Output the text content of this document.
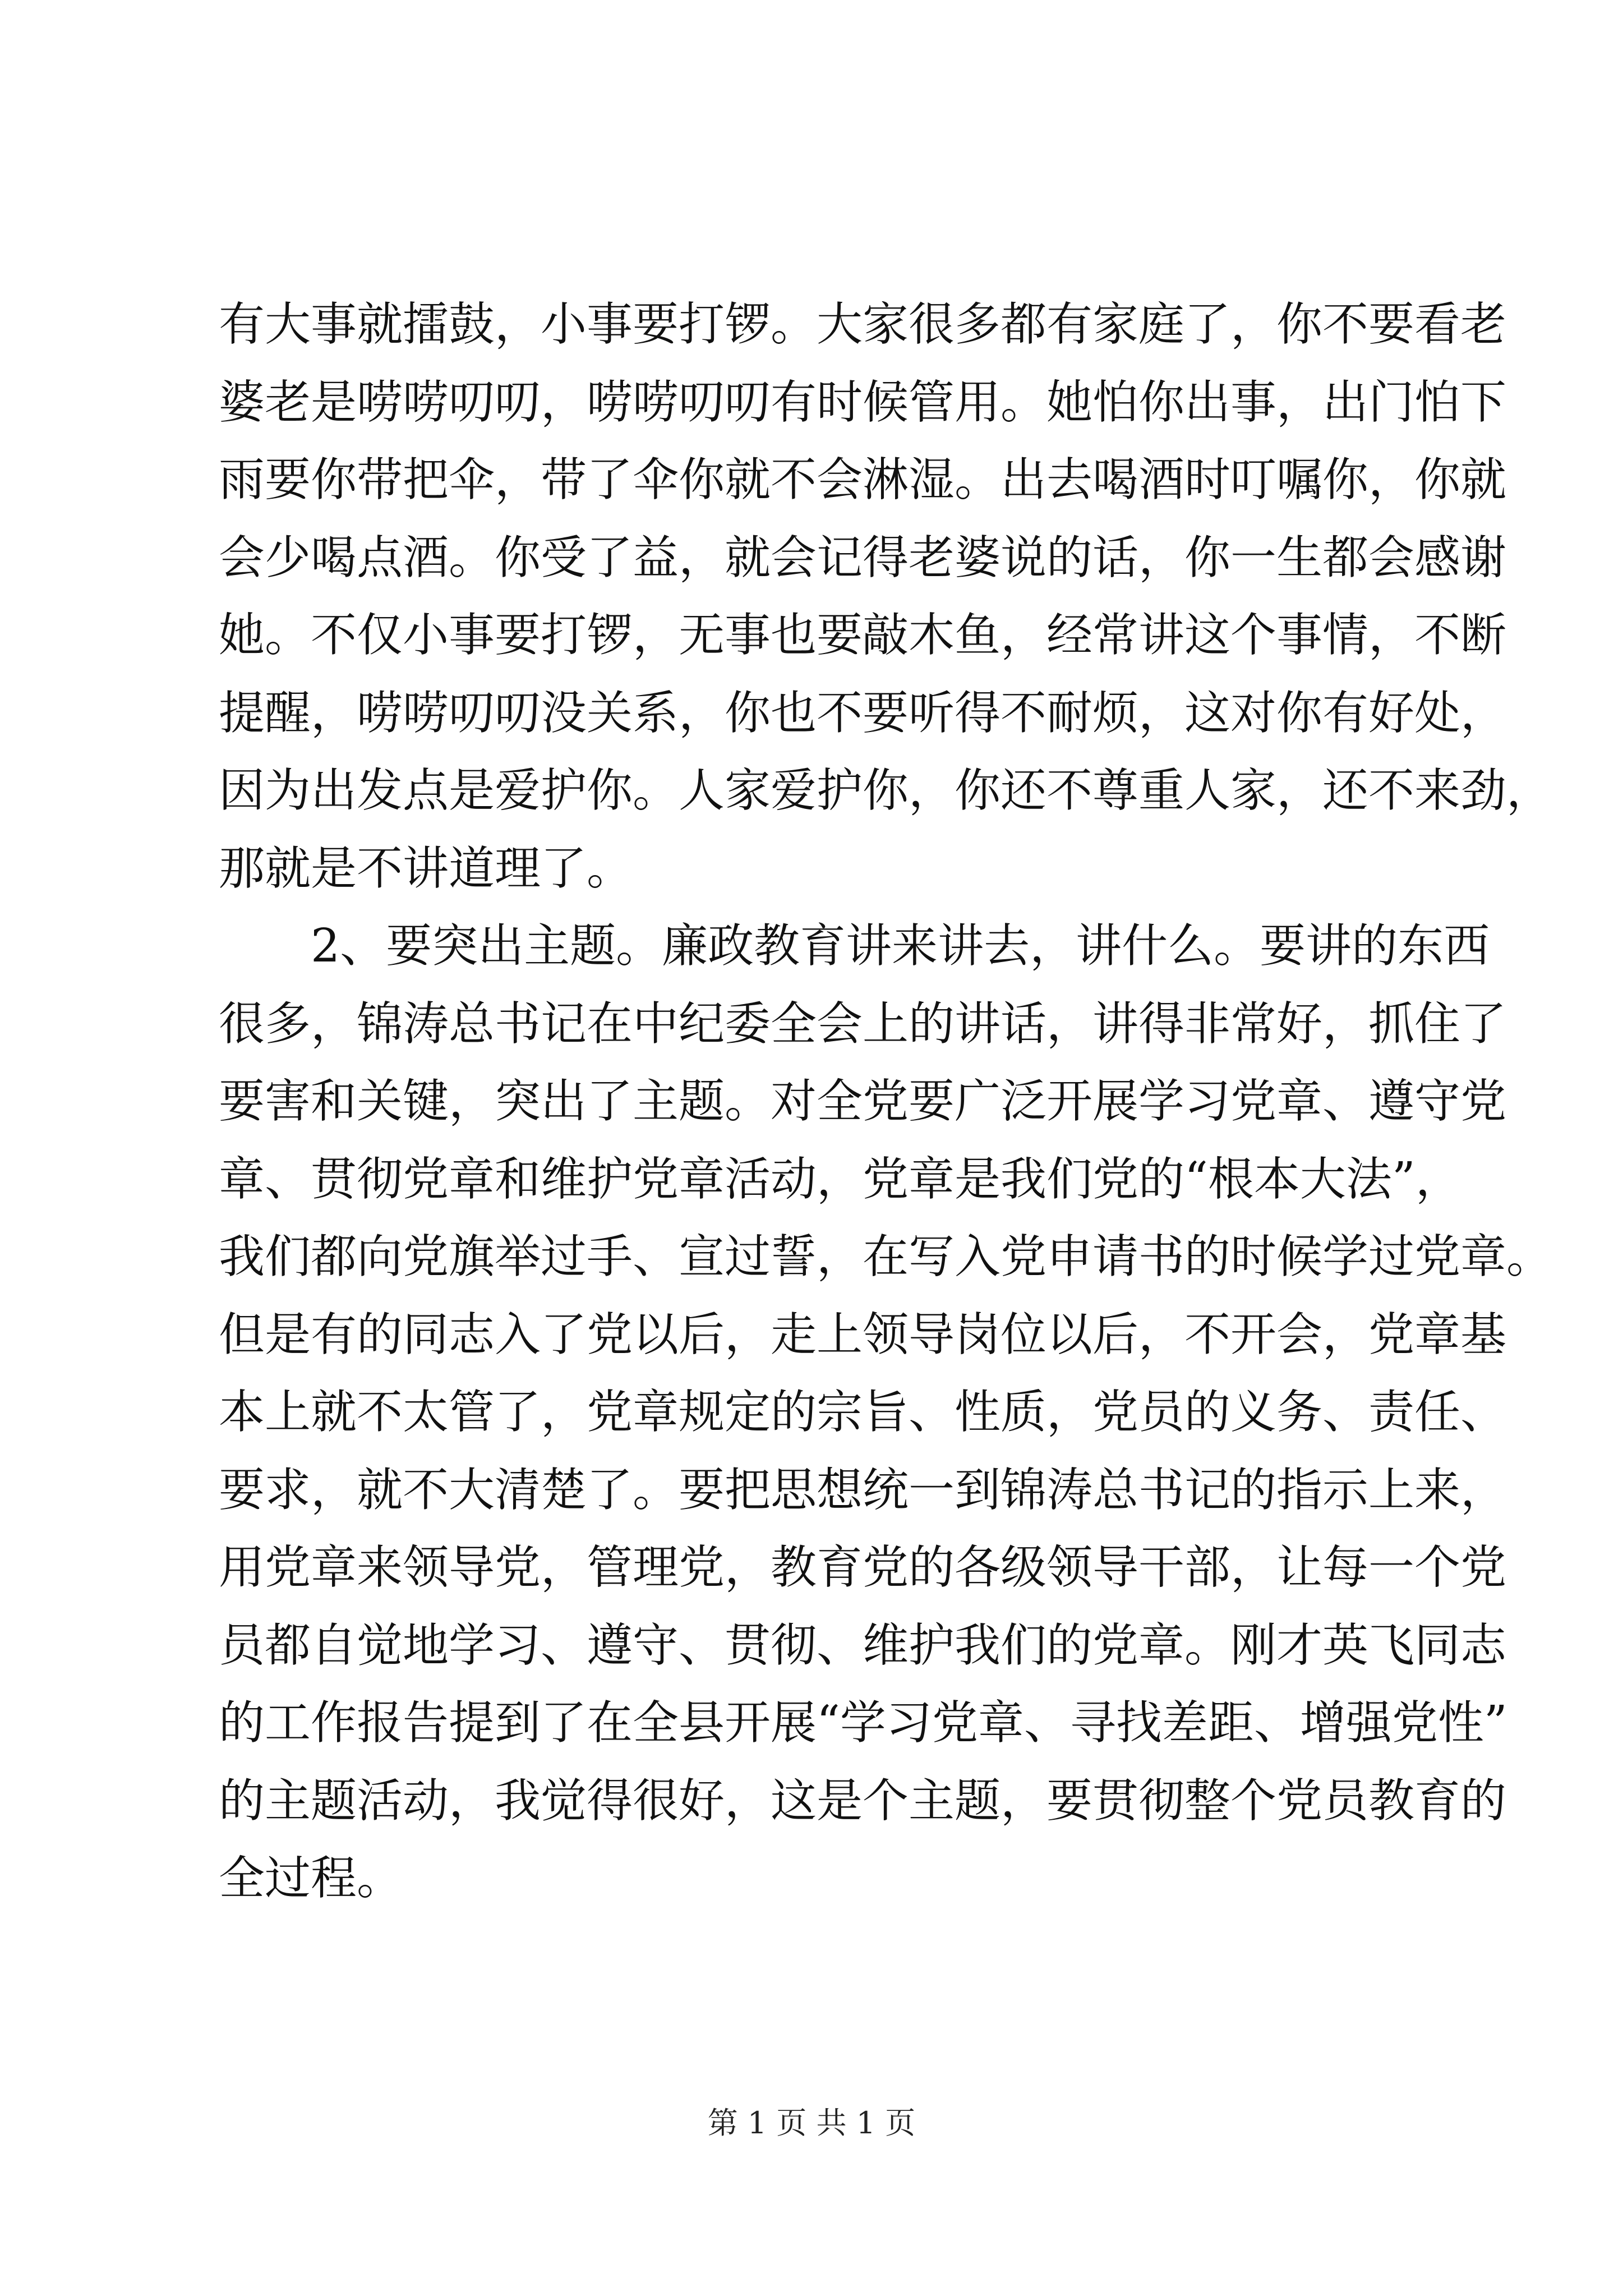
有大事就擂鼓，小事要打锣。大家很多都有家庭了，你不要看老
婆老是唠唠叨叨，唠唠叨叨有时候管用。她怕你出事，出门怕下
雨要你带把伞，带了伞你就不会淋湿。出去喝酒时叮嘱你，你就
会少喝点酒。你受了益，就会记得老婆说的话，你一生都会感谢
她。不仅小事要打锣，无事也要敲木鱼，经常讲这个事情，不断
提醒，唠唠叨叨没关系，你也不要听得不耐烦，这对你有好处，
因为出发点是爱护你。人家爱护你，你还不尊重人家，还不来劲，
那就是不讲道理了。
　　2、要突出主题。廉政教育讲来讲去，讲什么。要讲的东西
很多，锦涛总书记在中纪委全会上的讲话，讲得非常好，抓住了
要害和关键，突出了主题。对全党要广泛开展学习党章、遵守党
章、贯彻党章和维护党章活动，党章是我们党的“根本大法”，
我们都向党旗举过手、宣过誓，在写入党申请书的时候学过党章。
但是有的同志入了党以后，走上领导岗位以后，不开会，党章基
本上就不太管了，党章规定的宗旨、性质，党员的义务、责任、
要求，就不大清楚了。要把思想统一到锦涛总书记的指示上来，
用党章来领导党，管理党，教育党的各级领导干部，让每一个党
员都自觉地学习、遵守、贯彻、维护我们的党章。刚才英飞同志
的工作报告提到了在全县开展“学习党章、寻找差距、增强党性”
的主题活动，我觉得很好，这是个主题，要贯彻整个党员教育的
全过程。
第 1 页 共 1 页
